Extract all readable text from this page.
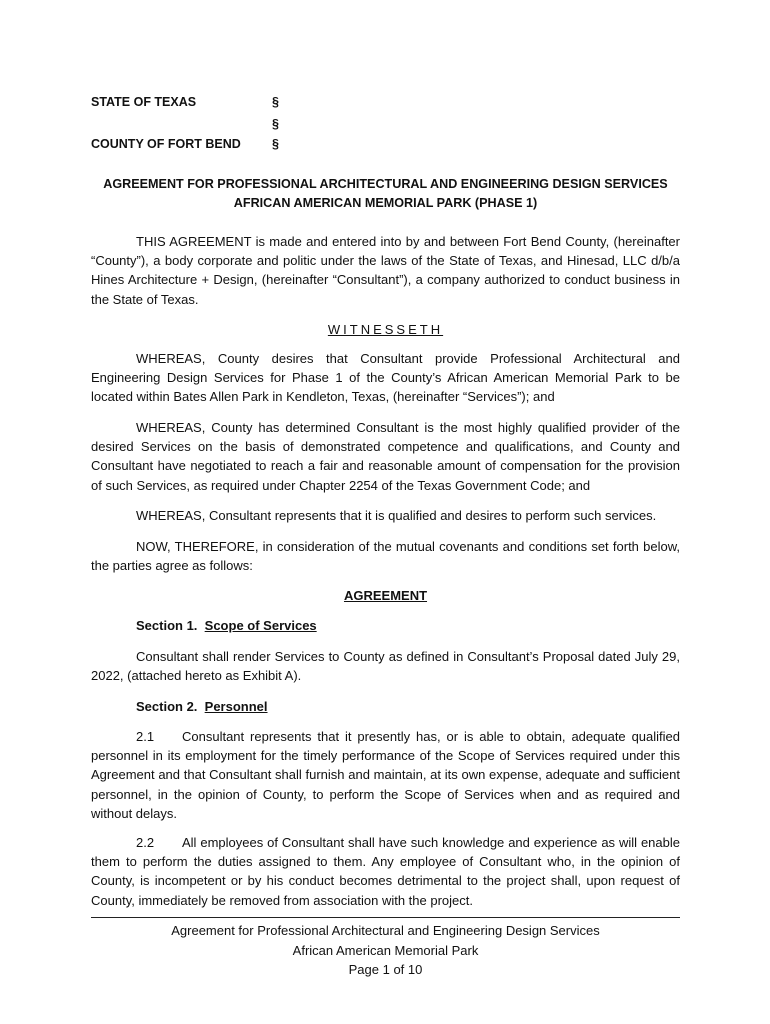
STATE OF TEXAS	§
§
COUNTY OF FORT BEND §
AGREEMENT FOR PROFESSIONAL ARCHITECTURAL AND ENGINEERING DESIGN SERVICES
AFRICAN AMERICAN MEMORIAL PARK (PHASE 1)

THIS AGREEMENT is made and entered into by and between Fort Bend County, (hereinafter “County”), a body corporate and politic under the laws of the State of Texas, and Hinesad, LLC d/b/a Hines Architecture + Design, (hereinafter “Consultant”), a company authorized to conduct business in the State of Texas.

WITNESSETH

WHEREAS, County desires that Consultant provide Professional Architectural and Engineering Design Services for Phase 1 of the County’s African American Memorial Park to be located within Bates Allen Park in Kendleton, Texas, (hereinafter “Services”); and

WHEREAS, County has determined Consultant is the most highly qualified provider of the desired Services on the basis of demonstrated competence and qualifications, and County and Consultant have negotiated to reach a fair and reasonable amount of compensation for the provision of such Services, as required under Chapter 2254 of the Texas Government Code; and

WHEREAS, Consultant represents that it is qualified and desires to perform such services.

NOW, THEREFORE, in consideration of the mutual covenants and conditions set forth below, the parties agree as follows:

AGREEMENT
Section 1. Scope of Services

Consultant shall render Services to County as defined in Consultant’s Proposal dated July 29, 2022, (attached hereto as Exhibit A).

Section 2. Personnel

2.1 Consultant represents that it presently has, or is able to obtain, adequate qualified personnel in its employment for the timely performance of the Scope of Services required under this Agreement and that Consultant shall furnish and maintain, at its own expense, adequate and sufficient personnel, in the opinion of County, to perform the Scope of Services when and as required and without delays.

2.2 All employees of Consultant shall have such knowledge and experience as will enable them to perform the duties assigned to them. Any employee of Consultant who, in the opinion of County, is incompetent or by his conduct becomes detrimental to the project shall, upon request of County, immediately be removed from association with the project.

Agreement for Professional Architectural and Engineering Design Services
African American Memorial Park
Page 1 of 10
